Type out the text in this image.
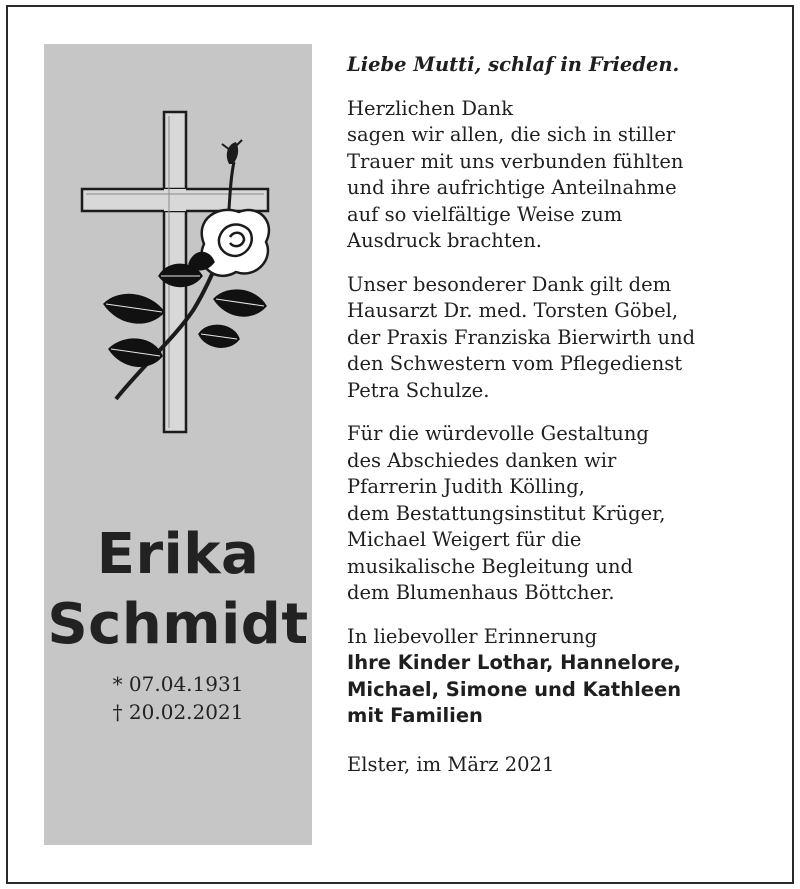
Erika
Schmidt
* 07.04.1931
† 20.02.2021
Liebe Mutti, schlaf in Frieden.
Herzlichen Dank
sagen wir allen, die sich in stiller
Trauer mit uns verbunden fühlten
und ihre aufrichtige Anteilnahme
auf so vielfältige Weise zum
Ausdruck brachten.
Unser besonderer Dank gilt dem
Hausarzt Dr. med. Torsten Göbel,
der Praxis Franziska Bierwirth und
den Schwestern vom Pflegedienst
Petra Schulze.
Für die würdevolle Gestaltung
des Abschiedes danken wir
Pfarrerin Judith Kölling,
dem Bestattungsinstitut Krüger,
Michael Weigert für die
musikalische Begleitung und
dem Blumenhaus Böttcher.
In liebevoller Erinnerung
Ihre Kinder Lothar, Hannelore,
Michael, Simone und Kathleen
mit Familien
Elster, im März 2021
